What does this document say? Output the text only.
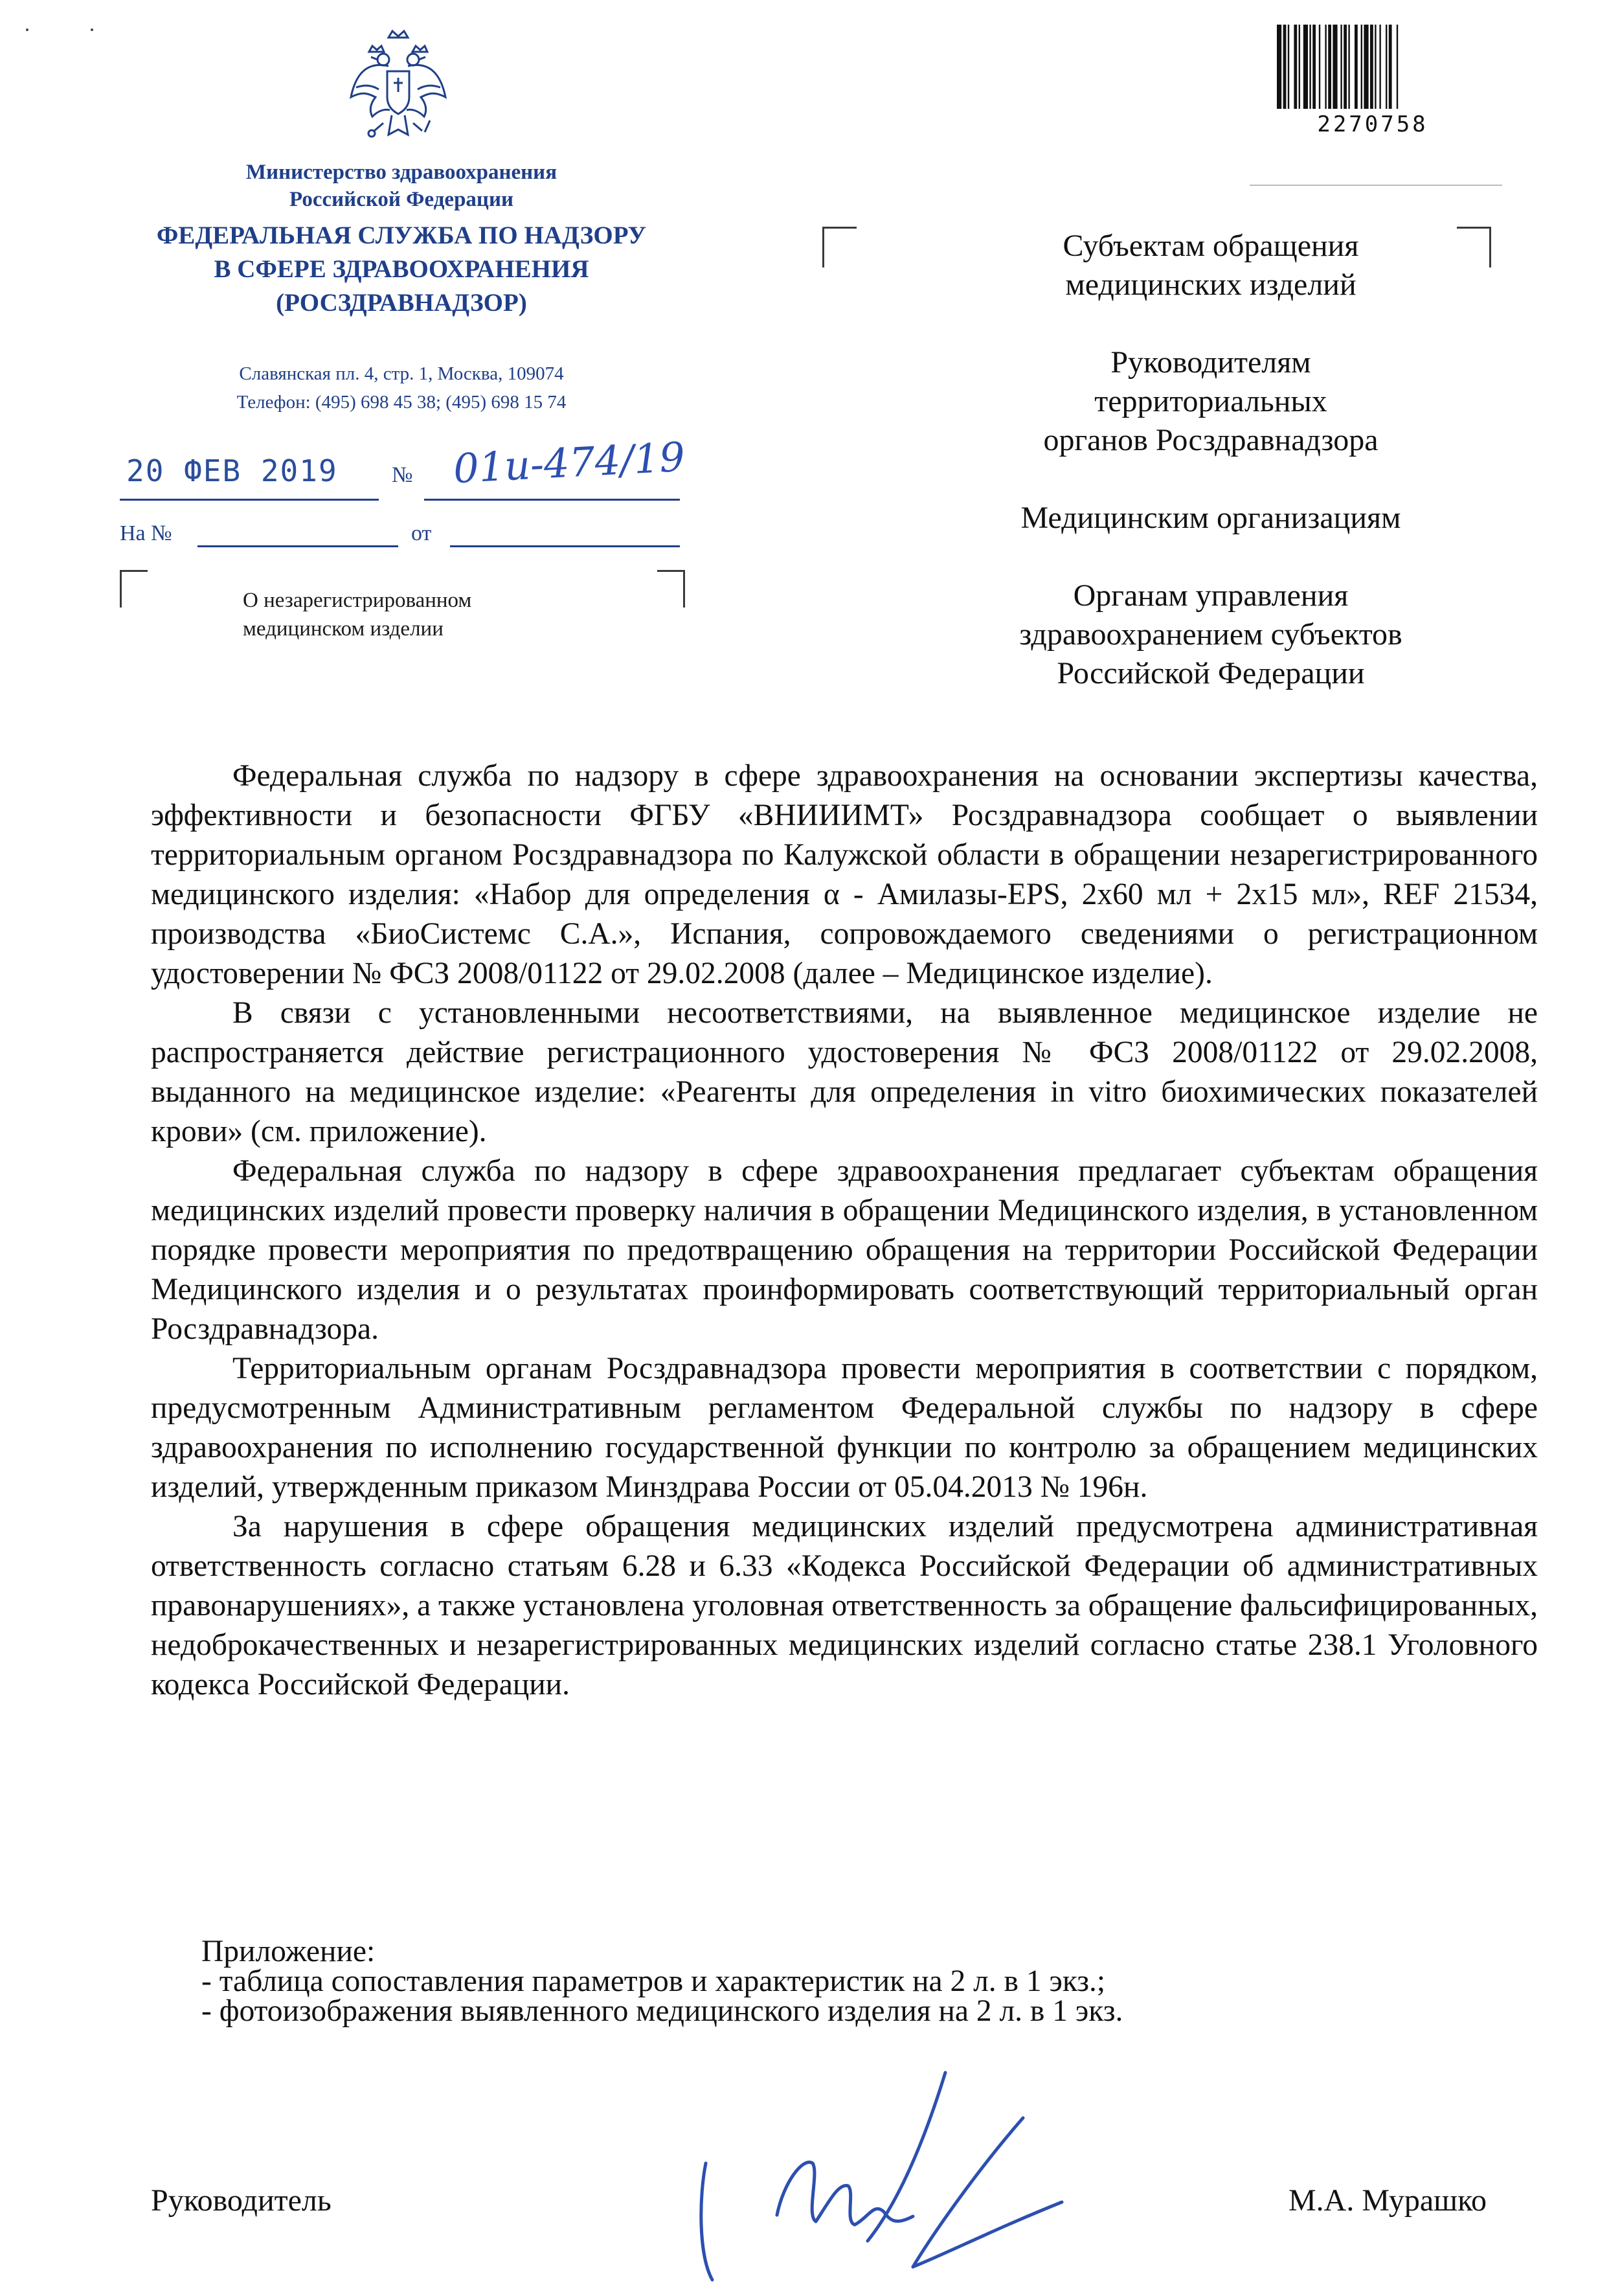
Министерство здравоохранения
Российской Федерации
ФЕДЕРАЛЬНАЯ СЛУЖБА ПО НАДЗОРУ
В СФЕРЕ ЗДРАВООХРАНЕНИЯ
(РОСЗДРАВНАДЗОР)
Славянская пл. 4, стр. 1, Москва, 109074
Телефон: (495) 698 45 38; (495) 698 15 74
20 ФЕВ 2019 № 01и-474/19
На №	от
О незарегистрированном
медицинском изделии
2270758

Субъектам обращения
медицинских изделий

Руководителям
территориальных
органов Росздравнадзора

Медицинским организациям

Органам управления
здравоохранением субъектов
Российской Федерации

Федеральная служба по надзору в сфере здравоохранения на основании экспертизы качества, эффективности и безопасности ФГБУ «ВНИИИМТ» Росздравнадзора сообщает о выявлении территориальным органом Росздравнадзора по Калужской области в обращении незарегистрированного медицинского изделия: «Набор для определения α - Амилазы-EPS, 2х60 мл + 2х15 мл», REF 21534, производства «БиоСистемс С.А.», Испания, сопровождаемого сведениями о регистрационном удостоверении № ФСЗ 2008/01122 от 29.02.2008 (далее – Медицинское изделие).

В связи с установленными несоответствиями, на выявленное медицинское изделие не распространяется действие регистрационного удостоверения № ФСЗ 2008/01122 от 29.02.2008, выданного на медицинское изделие: «Реагенты для определения in vitro биохимических показателей крови» (см. приложение).

Федеральная служба по надзору в сфере здравоохранения предлагает субъектам обращения медицинских изделий провести проверку наличия в обращении Медицинского изделия, в установленном порядке провести мероприятия по предотвращению обращения на территории Российской Федерации Медицинского изделия и о результатах проинформировать соответствующий территориальный орган Росздравнадзора.

Территориальным органам Росздравнадзора провести мероприятия в соответствии с порядком, предусмотренным Административным регламентом Федеральной службы по надзору в сфере здравоохранения по исполнению государственной функции по контролю за обращением медицинских изделий, утвержденным приказом Минздрава России от 05.04.2013 № 196н.

За нарушения в сфере обращения медицинских изделий предусмотрена административная ответственность согласно статьям 6.28 и 6.33 «Кодекса Российской Федерации об административных правонарушениях», а также установлена уголовная ответственность за обращение фальсифицированных, недоброкачественных и незарегистрированных медицинских изделий согласно статье 238.1 Уголовного кодекса Российской Федерации.

Приложение:
- таблица сопоставления параметров и характеристик на 2 л. в 1 экз.;
- фотоизображения выявленного медицинского изделия на 2 л. в 1 экз.
Руководитель	М.А. Мурашко
